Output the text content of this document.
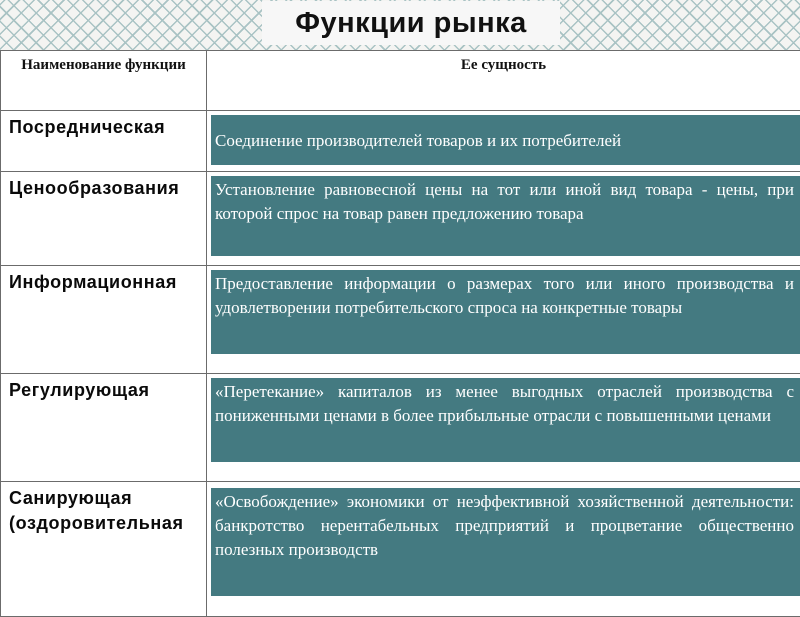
Функции рынка
Наименование функции	Ее сущность
Посредническая	Соединение производителей товаров и их потребителей

Ценообразования	Установление равновесной цены на тот или иной вид товара - цены, при которой спрос на товар равен предложению товара

Информационная	Предоставление информации о размерах того или иного производства и удовлетворении потребительского спроса на конкретные товары

Регулирующая	«Перетекание» капиталов из менее выгодных отраслей производства с пониженными ценами в более прибыльные отрасли с повышенными ценами

Санирующая (оздоровительная	«Освобождение» экономики от неэффективной хозяйственной деятельности: банкротство нерентабельных предприятий и процветание общественно полезных производств
